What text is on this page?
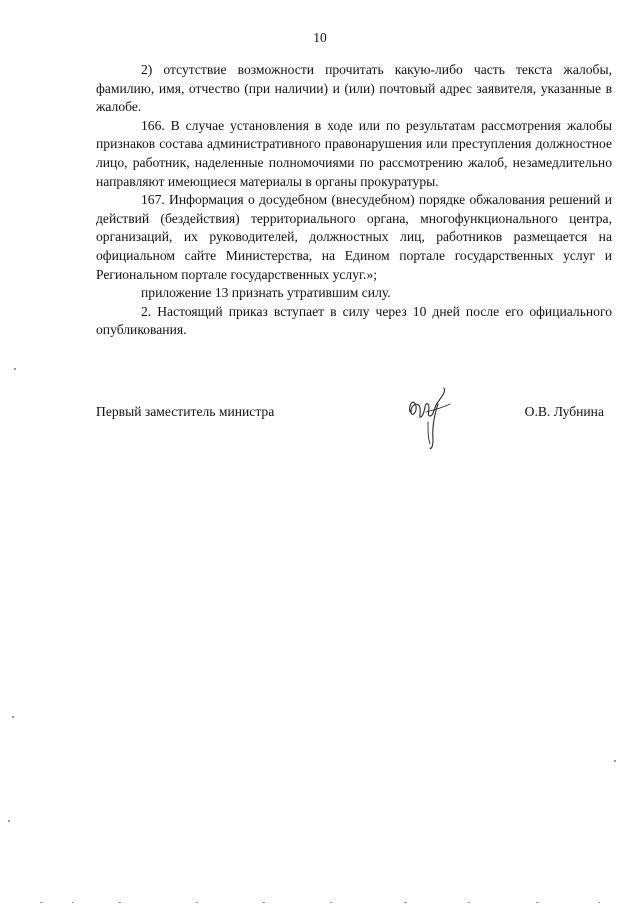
10

2) отсутствие возможности прочитать какую-либо часть текста жалобы, фамилию, имя, отчество (при наличии) и (или) почтовый адрес заявителя, указанные в жалобе.

166. В случае установления в ходе или по результатам рассмотрения жалобы признаков состава административного правонарушения или преступления должностное лицо, работник, наделенные полномочиями по рассмотрению жалоб, незамедлительно направляют имеющиеся материалы в органы прокуратуры.

167. Информация о досудебном (внесудебном) порядке обжалования решений и действий (бездействия) территориального органа, многофункционального центра, организаций, их руководителей, должностных лиц, работников размещается на официальном сайте Министерства, на Едином портале государственных услуг и Региональном портале государственных услуг.»;

приложение 13 признать утратившим силу.

2. Настоящий приказ вступает в силу через 10 дней после его официального опубликования.

Первый заместитель министра	О.В. Лубнина
